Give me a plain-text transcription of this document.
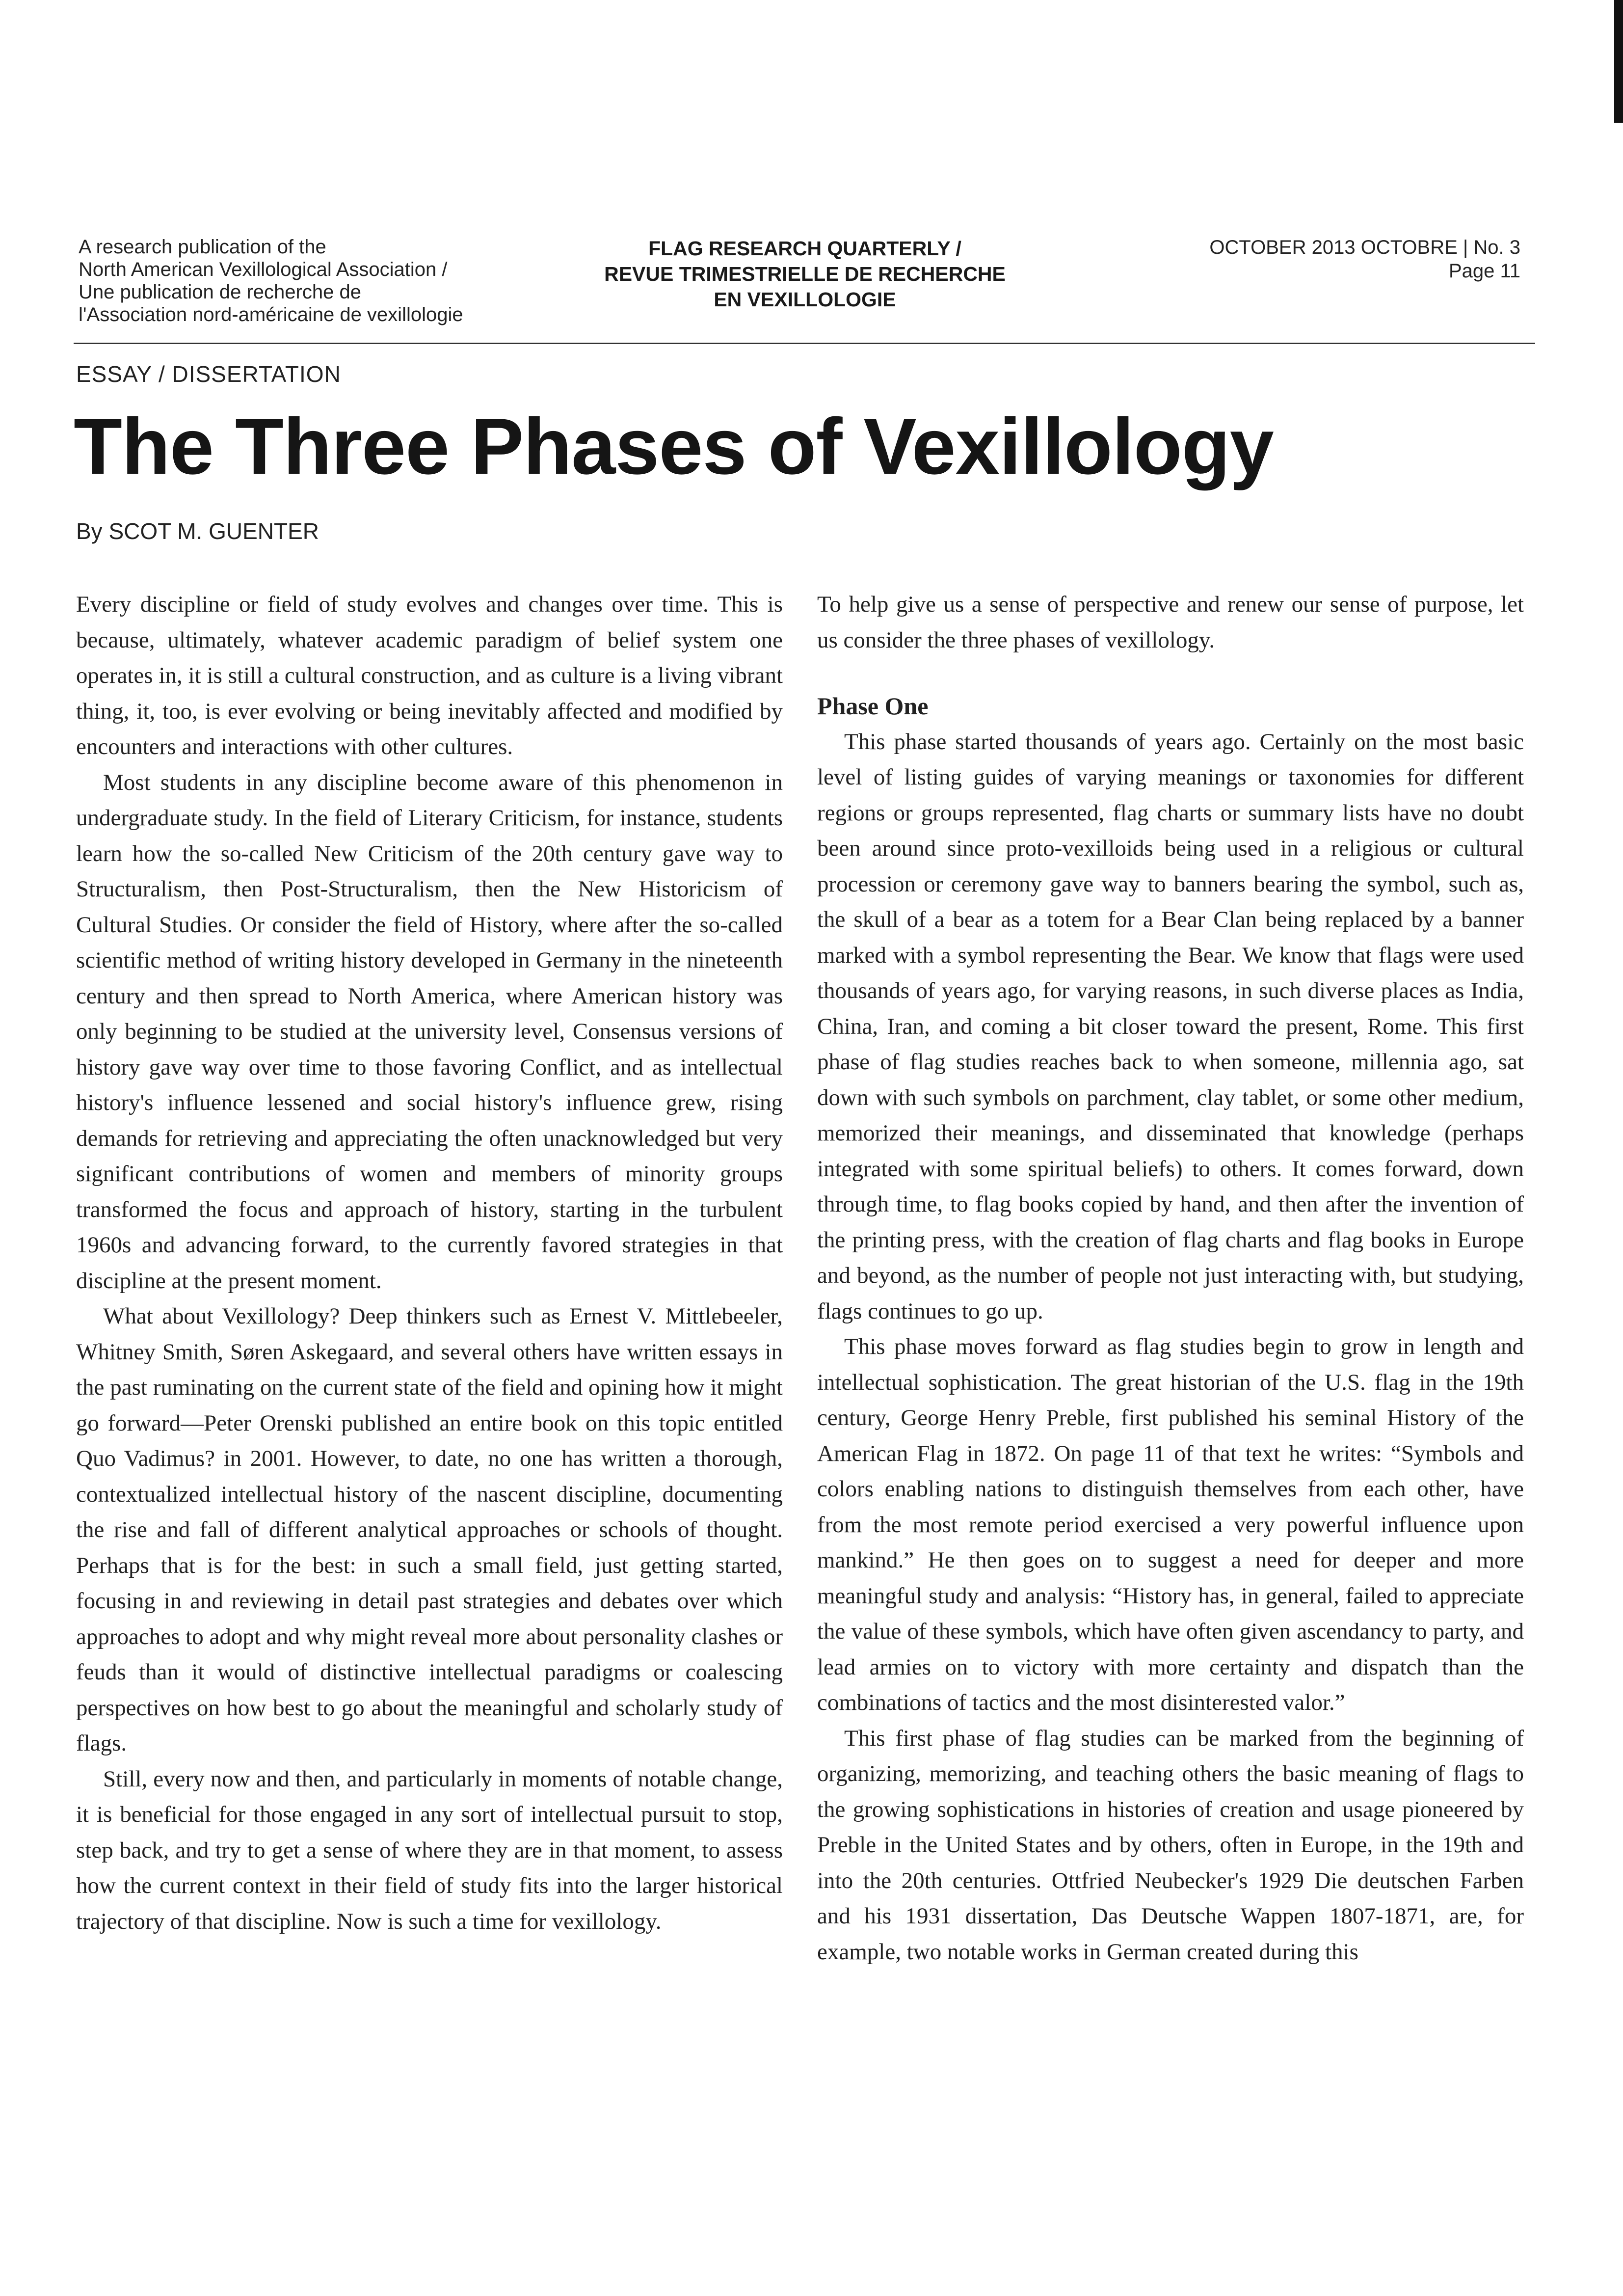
A research publication of the
North American Vexillological Association /
Une publication de recherche de
l'Association nord-américaine de vexillologie
FLAG RESEARCH QUARTERLY /
REVUE TRIMESTRIELLE DE RECHERCHE
EN VEXILLOLOGIE
OCTOBER 2013 OCTOBRE | No. 3
Page 11
ESSAY / DISSERTATION
The Three Phases of Vexillology
By SCOT M. GUENTER

Every discipline or field of study evolves and changes over time. This is because, ultimately, whatever academic paradigm of belief system one operates in, it is still a cultural construction, and as culture is a living vibrant thing, it, too, is ever evolving or being inevitably affected and modified by encounters and interactions with other cultures.

Most students in any discipline become aware of this phenomenon in undergraduate study. In the field of Literary Criticism, for instance, students learn how the so-called New Criticism of the 20th century gave way to Structuralism, then Post-Structuralism, then the New Historicism of Cultural Studies. Or consider the field of History, where after the so-called scientific method of writing history developed in Germany in the nineteenth century and then spread to North America, where American history was only beginning to be studied at the university level, Consensus versions of history gave way over time to those favoring Conflict, and as intellectual history's influence lessened and social history's influence grew, rising demands for retrieving and appreciating the often unacknowledged but very significant contributions of women and members of minority groups transformed the focus and approach of history, starting in the turbulent 1960s and advancing forward, to the currently favored strategies in that discipline at the present moment.

What about Vexillology? Deep thinkers such as Ernest V. Mittlebeeler, Whitney Smith, Søren Askegaard, and several others have written essays in the past ruminating on the current state of the field and opining how it might go forward—Peter Orenski published an entire book on this topic entitled Quo Vadimus? in 2001. However, to date, no one has written a thorough, contextualized intellectual history of the nascent discipline, documenting the rise and fall of different analytical approaches or schools of thought. Perhaps that is for the best: in such a small field, just getting started, focusing in and reviewing in detail past strategies and debates over which approaches to adopt and why might reveal more about personality clashes or feuds than it would of distinctive intellectual paradigms or coalescing perspectives on how best to go about the meaningful and scholarly study of flags.

Still, every now and then, and particularly in moments of notable change, it is beneficial for those engaged in any sort of intellectual pursuit to stop, step back, and try to get a sense of where they are in that moment, to assess how the current context in their field of study fits into the larger historical trajectory of that discipline. Now is such a time for vexillology.

To help give us a sense of perspective and renew our sense of purpose, let us consider the three phases of vexillology.

Phase One

This phase started thousands of years ago. Certainly on the most basic level of listing guides of varying meanings or taxonomies for different regions or groups represented, flag charts or summary lists have no doubt been around since proto-vexilloids being used in a religious or cultural procession or ceremony gave way to banners bearing the symbol, such as, the skull of a bear as a totem for a Bear Clan being replaced by a banner marked with a symbol representing the Bear. We know that flags were used thousands of years ago, for varying reasons, in such diverse places as India, China, Iran, and coming a bit closer toward the present, Rome. This first phase of flag studies reaches back to when someone, millennia ago, sat down with such symbols on parchment, clay tablet, or some other medium, memorized their meanings, and disseminated that knowledge (perhaps integrated with some spiritual beliefs) to others. It comes forward, down through time, to flag books copied by hand, and then after the invention of the printing press, with the creation of flag charts and flag books in Europe and beyond, as the number of people not just interacting with, but studying, flags continues to go up.

This phase moves forward as flag studies begin to grow in length and intellectual sophistication. The great historian of the U.S. flag in the 19th century, George Henry Preble, first published his seminal History of the American Flag in 1872. On page 11 of that text he writes: “Symbols and colors enabling nations to distinguish themselves from each other, have from the most remote period exercised a very powerful influence upon mankind.” He then goes on to suggest a need for deeper and more meaningful study and analysis: “History has, in general, failed to appreciate the value of these symbols, which have often given ascendancy to party, and lead armies on to victory with more certainty and dispatch than the combinations of tactics and the most disinterested valor.”

This first phase of flag studies can be marked from the beginning of organizing, memorizing, and teaching others the basic meaning of flags to the growing sophistications in histories of creation and usage pioneered by Preble in the United States and by others, often in Europe, in the 19th and into the 20th centuries. Ottfried Neubecker's 1929 Die deutschen Farben and his 1931 dissertation, Das Deutsche Wappen 1807-1871, are, for example, two notable works in German created during this
